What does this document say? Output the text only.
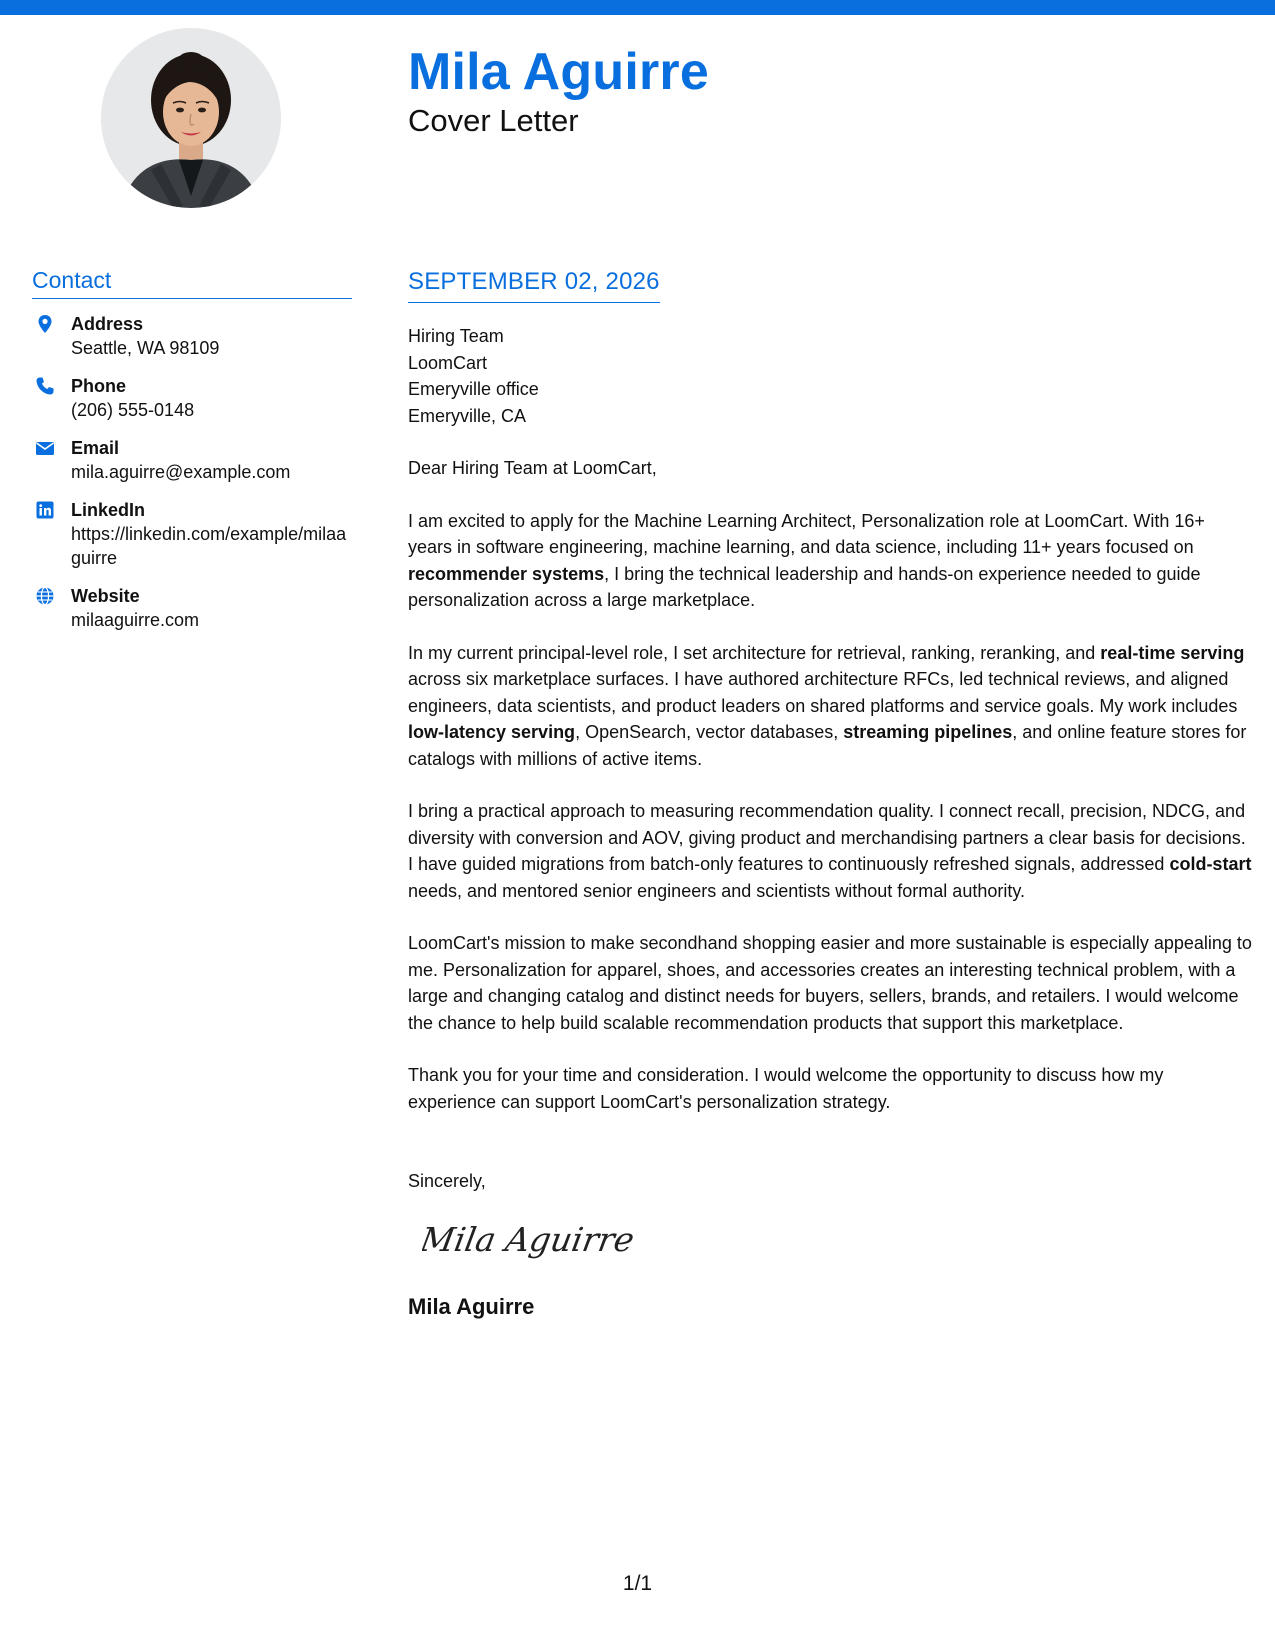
Mila Aguirre
Cover Letter
Contact
Address
Seattle, WA 98109
Phone
(206) 555-0148
Email
mila.aguirre@example.com
LinkedIn
https://linkedin.com/example/milaaguirre
Website
milaaguirre.com
SEPTEMBER 02, 2026
Hiring Team
LoomCart
Emeryville office
Emeryville, CA
Dear Hiring Team at LoomCart,
I am excited to apply for the Machine Learning Architect, Personalization role at LoomCart. With 16+ years in software engineering, machine learning, and data science, including 11+ years focused on recommender systems, I bring the technical leadership and hands-on experience needed to guide personalization across a large marketplace.
In my current principal-level role, I set architecture for retrieval, ranking, reranking, and real-time serving across six marketplace surfaces. I have authored architecture RFCs, led technical reviews, and aligned engineers, data scientists, and product leaders on shared platforms and service goals. My work includes low-latency serving, OpenSearch, vector databases, streaming pipelines, and online feature stores for catalogs with millions of active items.
I bring a practical approach to measuring recommendation quality. I connect recall, precision, NDCG, and diversity with conversion and AOV, giving product and merchandising partners a clear basis for decisions. I have guided migrations from batch-only features to continuously refreshed signals, addressed cold-start needs, and mentored senior engineers and scientists without formal authority.
LoomCart's mission to make secondhand shopping easier and more sustainable is especially appealing to me. Personalization for apparel, shoes, and accessories creates an interesting technical problem, with a large and changing catalog and distinct needs for buyers, sellers, brands, and retailers. I would welcome the chance to help build scalable recommendation products that support this marketplace.
Thank you for your time and consideration. I would welcome the opportunity to discuss how my experience can support LoomCart's personalization strategy.
Sincerely,
Mila Aguirre
Mila Aguirre
1/1
